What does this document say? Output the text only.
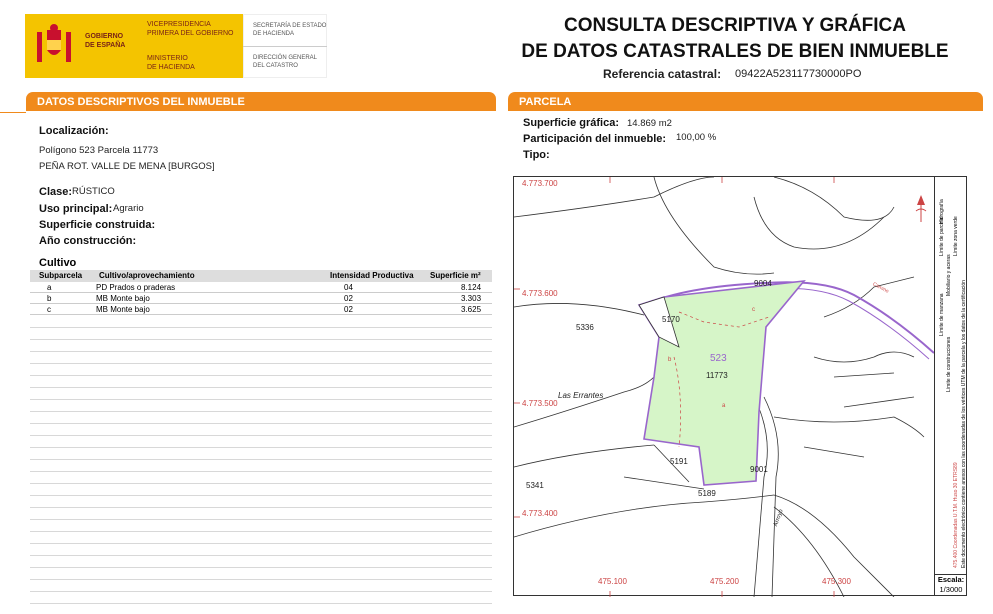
GOBIERNO
DE ESPAÑA
VICEPRESIDENCIA
PRIMERA DEL GOBIERNO
MINISTERIO
DE HACIENDA
SECRETARÍA DE ESTADO
DE HACIENDA
DIRECCIÓN GENERAL
DEL CATASTRO
CONSULTA DESCRIPTIVA Y GRÁFICA
DE DATOS CATASTRALES DE BIEN INMUEBLE
Referencia catastral: 09422A523117730000PO
DATOS DESCRIPTIVOS DEL INMUEBLE	PARCELA
Localización:
Polígono 523 Parcela 11773
PEÑA ROT. VALLE DE MENA [BURGOS]
Clase: RÚSTICO
Uso principal: Agrario
Superficie construida:
Año construcción:
Cultivo
Subparcela Cultivo/aprovechamiento	Intensidad Productiva Superficie m²
a	PD Prados o praderas	04	8.124
b	MB Monte bajo	02	3.303
c	MB Monte bajo	02	3.625
Superficie gráfica: 14.869 m2
Participación del inmueble: 100,00 %
Tipo:
4.773.700
4.773.600
4.773.500
4.773.400
475.100	475.200	475.300
9004
5170
5336
523
11773
Las Errantes
5191
9001
5341
5189
a
b
c
Camino
Arroyo
Límite de manzana
Límite de parcela
Límite de construcciones
Mobiliario y aceras
Límite zona verde
Hidrografía
475.400 Coordenadas U.T.M. Huso 30 ETRS89 Este documento electrónico contiene anexos con las coordenadas de los vértices UTM de la parcela y los datos de la certificación
Escala:
1/3000
